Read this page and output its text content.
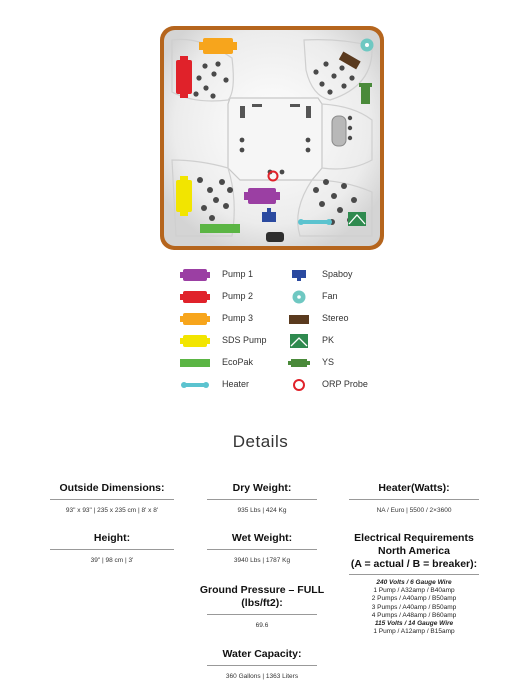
Pump 1
Pump 2
Pump 3
SDS Pump
EcoPak
Heater
Spaboy
Fan
Stereo
PK
YS
ORP Probe
Details
Outside Dimensions:
93" x 93" | 235 x 235 cm | 8' x 8'
Dry Weight:
935 Lbs | 424 Kg
Heater(Watts):
NA / Euro | 5500 / 2×3600
Height:
39" | 98 cm | 3'
Wet Weight:
3940 Lbs | 1787 Kg
Electrical Requirements
North America
(A = actual / B = breaker):
240 Volts / 6 Gauge Wire
1 Pump / A32amp / B40amp
2 Pumps / A40amp / B50amp
3 Pumps / A40amp / B50amp
4 Pumps / A48amp / B60amp
115 Volts / 14 Gauge Wire
1 Pump / A12amp / B15amp
Ground Pressure – FULL
(lbs/ft2):
69.6
Water Capacity:
360 Gallons | 1363 Liters
